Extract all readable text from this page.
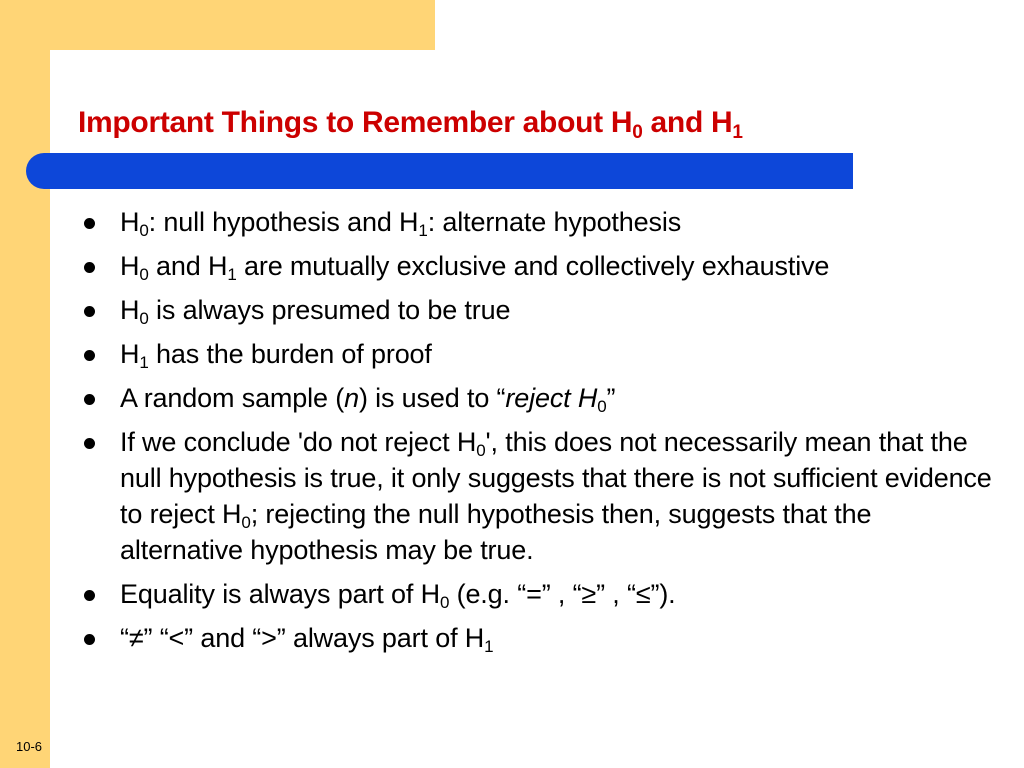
Important Things to Remember about $H_0$ and $H_1$
$H_0$: null hypothesis and $H_1$: alternate hypothesis
$H_0$ and $H_1$ are mutually exclusive and collectively exhaustive
$H_0$ is always presumed to be true
$H_1$ has the burden of proof
A random sample (n) is used to “reject $H_0$”
If we conclude 'do not reject $H_0'$, this does not necessarily mean that the null hypothesis is true, it only suggests that there is not sufficient evidence to reject $H_0$; rejecting the null hypothesis then, suggests that the alternative hypothesis may be true.
Equality is always part of $H_0$ (e.g. “=” , “≥” , “≤”).
“≠” “<” and “>” always part of $H_1$
10-6
